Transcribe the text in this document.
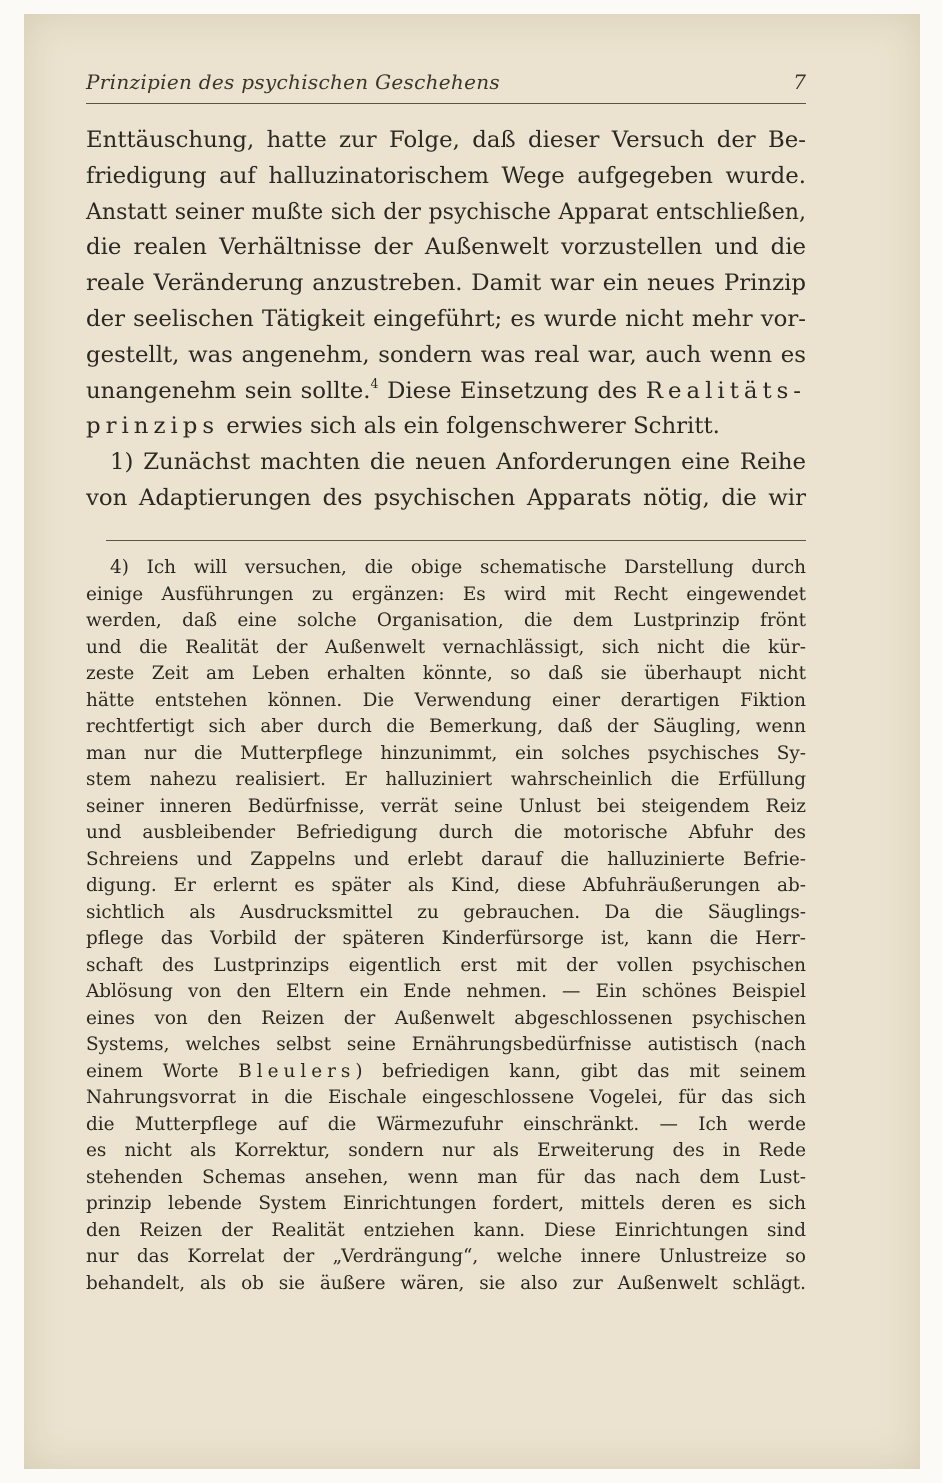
Prinzipien des psychischen Geschehens	7
Enttäuschung, hatte zur Folge, daß dieser Versuch der Be-
friedigung auf halluzinatorischem Wege aufgegeben wurde.
Anstatt seiner mußte sich der psychische Apparat entschließen,
die realen Verhältnisse der Außenwelt vorzustellen und die
reale Veränderung anzustreben. Damit war ein neues Prinzip
der seelischen Tätigkeit eingeführt; es wurde nicht mehr vor-
gestellt, was angenehm, sondern was real war, auch wenn es
unangenehm sein sollte.$^4$ Diese Einsetzung des Realitäts-
prinzips erwies sich als ein folgenschwerer Schritt.
1) Zunächst machten die neuen Anforderungen eine Reihe
von Adaptierungen des psychischen Apparats nötig, die wir
4) Ich will versuchen, die obige schematische Darstellung durch
einige Ausführungen zu ergänzen: Es wird mit Recht eingewendet
werden, daß eine solche Organisation, die dem Lustprinzip frönt
und die Realität der Außenwelt vernachlässigt, sich nicht die kür-
zeste Zeit am Leben erhalten könnte, so daß sie überhaupt nicht
hätte entstehen können. Die Verwendung einer derartigen Fiktion
rechtfertigt sich aber durch die Bemerkung, daß der Säugling, wenn
man nur die Mutterpflege hinzunimmt, ein solches psychisches Sy-
stem nahezu realisiert. Er halluziniert wahrscheinlich die Erfüllung
seiner inneren Bedürfnisse, verrät seine Unlust bei steigendem Reiz
und ausbleibender Befriedigung durch die motorische Abfuhr des
Schreiens und Zappelns und erlebt darauf die halluzinierte Befrie-
digung. Er erlernt es später als Kind, diese Abfuhräußerungen ab-
sichtlich als Ausdrucksmittel zu gebrauchen. Da die Säuglings-
pflege das Vorbild der späteren Kinderfürsorge ist, kann die Herr-
schaft des Lustprinzips eigentlich erst mit der vollen psychischen
Ablösung von den Eltern ein Ende nehmen. — Ein schönes Beispiel
eines von den Reizen der Außenwelt abgeschlossenen psychischen
Systems, welches selbst seine Ernährungsbedürfnisse autistisch (nach
einem Worte Bleulers) befriedigen kann, gibt das mit seinem
Nahrungsvorrat in die Eischale eingeschlossene Vogelei, für das sich
die Mutterpflege auf die Wärmezufuhr einschränkt. — Ich werde
es nicht als Korrektur, sondern nur als Erweiterung des in Rede
stehenden Schemas ansehen, wenn man für das nach dem Lust-
prinzip lebende System Einrichtungen fordert, mittels deren es sich
den Reizen der Realität entziehen kann. Diese Einrichtungen sind
nur das Korrelat der „Verdrängung“, welche innere Unlustreize so
behandelt, als ob sie äußere wären, sie also zur Außenwelt schlägt.
